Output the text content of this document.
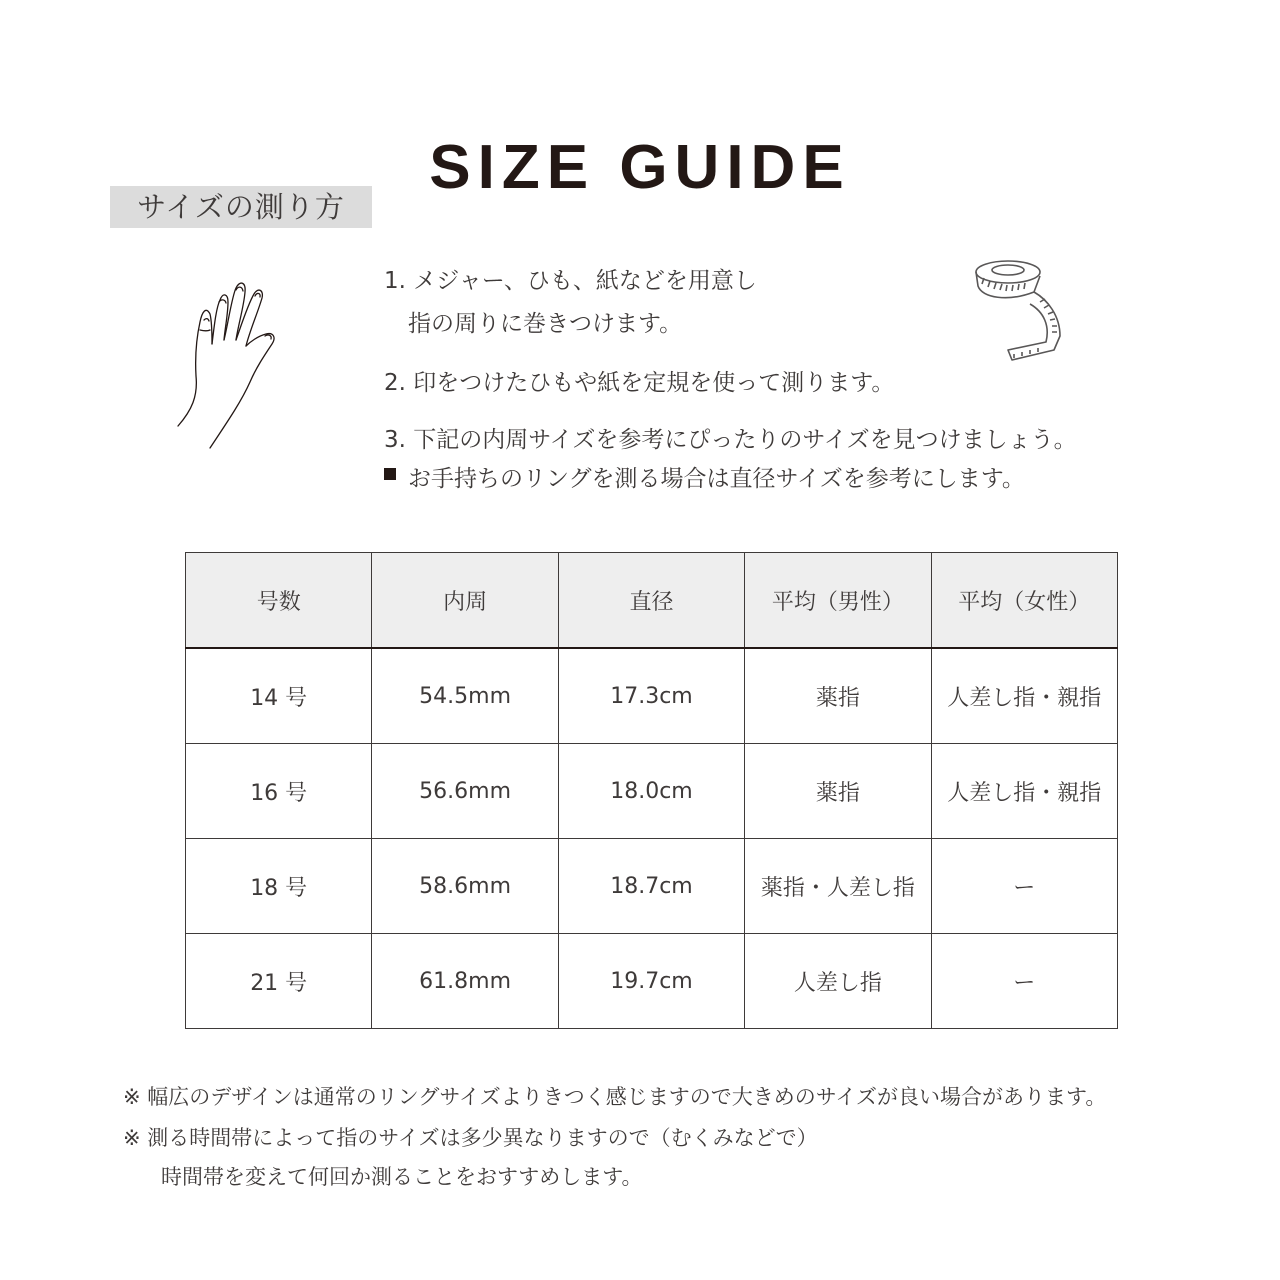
SIZE GUIDE
サイズの測り方
1. メジャー、ひも、紙などを用意し
指の周りに巻きつけます。
2. 印をつけたひもや紙を定規を使って測ります。
3. 下記の内周サイズを参考にぴったりのサイズを見つけましょう。
お手持ちのリングを測る場合は直径サイズを参考にします。
号数	内周	直径	平均（男性）	平均（女性）
14 号	54.5mm	17.3cm	薬指	人差し指・親指
16 号	56.6mm	18.0cm	薬指	人差し指・親指
18 号	58.6mm	18.7cm	薬指・人差し指	ー
21 号	61.8mm	19.7cm	人差し指	ー
※ 幅広のデザインは通常のリングサイズよりきつく感じますので大きめのサイズが良い場合があります。
※ 測る時間帯によって指のサイズは多少異なりますので（むくみなどで）
時間帯を変えて何回か測ることをおすすめします。
